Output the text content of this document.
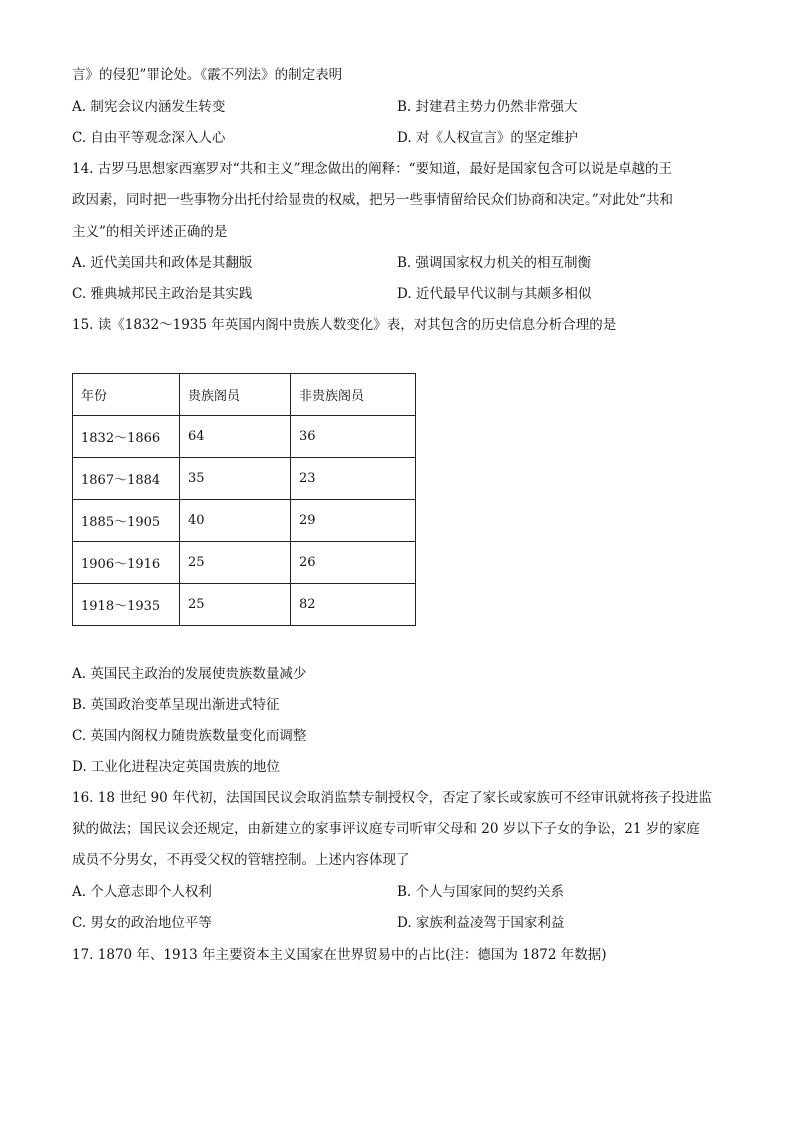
言》的侵犯”罪论处。《霰不列法》的制定表明
A. 制宪会议内涵发生转变	B. 封建君主势力仍然非常强大
C. 自由平等观念深入人心	D. 对《人权宣言》的坚定维护
14. 古罗马思想家西塞罗对“共和主义”理念做出的阐释：“要知道，最好是国家包含可以说是卓越的王
政因素，同时把一些事物分出托付给显贵的权威，把另一些事情留给民众们协商和决定。”对此处“共和
主义”的相关评述正确的是
A. 近代美国共和政体是其翻版	B. 强调国家权力机关的相互制衡
C. 雅典城邦民主政治是其实践	D. 近代最早代议制与其颇多相似
15. 读《1832～1935 年英国内阁中贵族人数变化》表，对其包含的历史信息分析合理的是
年份	贵族阁员	非贵族阁员
1832～1866	64	36
1867～1884	35	23
1885～1905	40	29
1906～1916	25	26
1918～1935	25	82
A. 英国民主政治的发展使贵族数量减少
B. 英国政治变革呈现出渐进式特征
C. 英国内阁权力随贵族数量变化而调整
D. 工业化进程决定英国贵族的地位
16. 18 世纪 90 年代初，法国国民议会取消监禁专制授权令，否定了家长或家族可不经审讯就将孩子投进监
狱的做法；国民议会还规定，由新建立的家事评议庭专司听审父母和 20 岁以下子女的争讼，21 岁的家庭
成员不分男女，不再受父权的管辖控制。上述内容体现了
A. 个人意志即个人权利	B. 个人与国家间的契约关系
C. 男女的政治地位平等	D. 家族利益凌驾于国家利益
17. 1870 年、1913 年主要资本主义国家在世界贸易中的占比(注：德国为 1872 年数据)
